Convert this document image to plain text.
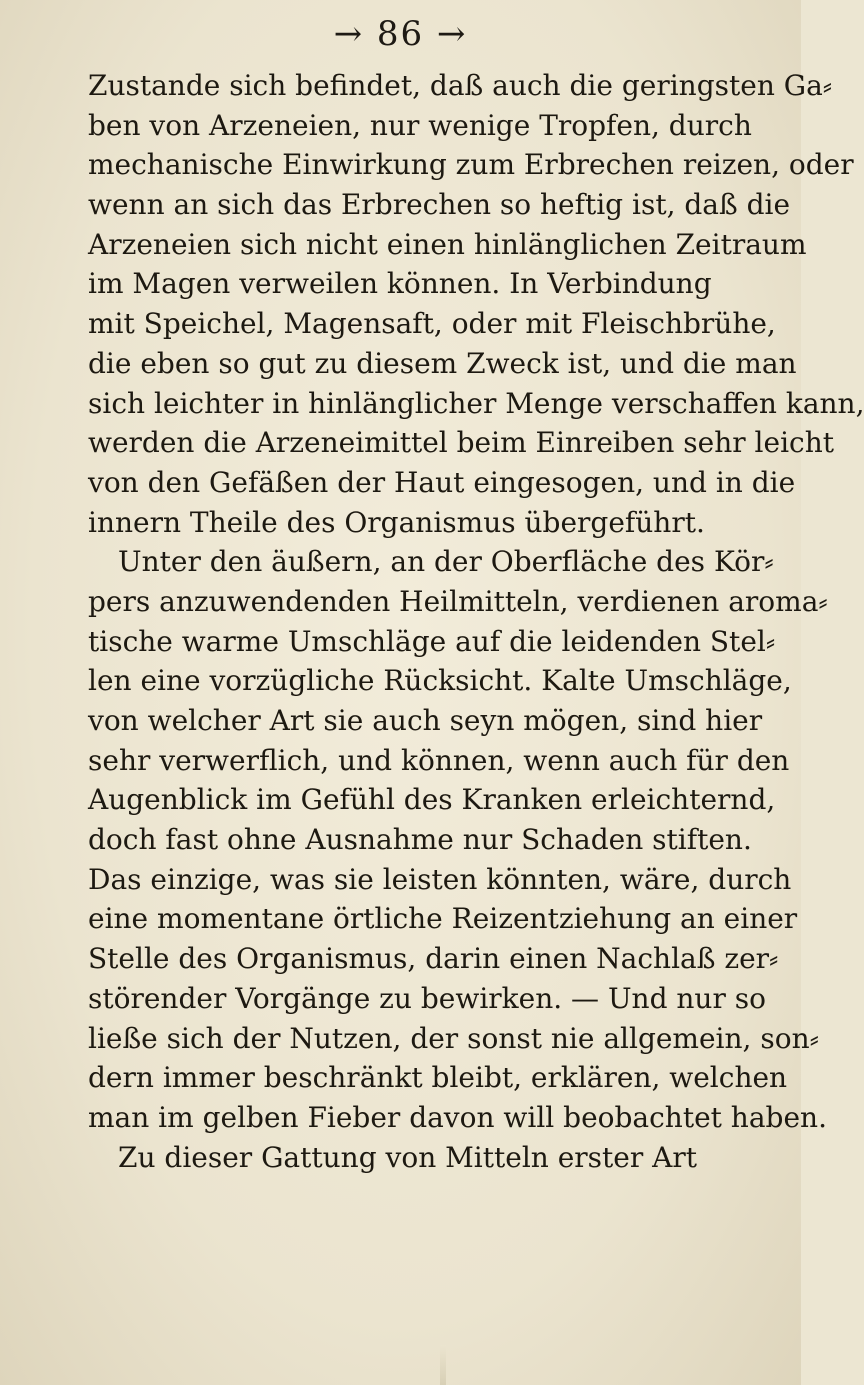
→ 86 →
Zustande sich befindet, daß auch die geringsten Ga⸗
ben von Arzeneien, nur wenige Tropfen, durch
mechanische Einwirkung zum Erbrechen reizen, oder
wenn an sich das Erbrechen so heftig ist, daß die
Arzeneien sich nicht einen hinlänglichen Zeitraum
im Magen verweilen können. In Verbindung
mit Speichel, Magensaft, oder mit Fleischbrühe,
die eben so gut zu diesem Zweck ist, und die man
sich leichter in hinlänglicher Menge verschaffen kann,
werden die Arzeneimittel beim Einreiben sehr leicht
von den Gefäßen der Haut eingesogen, und in die
innern Theile des Organismus übergeführt.
Unter den äußern, an der Oberfläche des Kör⸗
pers anzuwendenden Heilmitteln, verdienen aroma⸗
tische warme Umschläge auf die leidenden Stel⸗
len eine vorzügliche Rücksicht. Kalte Umschläge,
von welcher Art sie auch seyn mögen, sind hier
sehr verwerflich, und können, wenn auch für den
Augenblick im Gefühl des Kranken erleichternd,
doch fast ohne Ausnahme nur Schaden stiften.
Das einzige, was sie leisten könnten, wäre, durch
eine momentane örtliche Reizentziehung an einer
Stelle des Organismus, darin einen Nachlaß zer⸗
störender Vorgänge zu bewirken. — Und nur so
ließe sich der Nutzen, der sonst nie allgemein, son⸗
dern immer beschränkt bleibt, erklären, welchen
man im gelben Fieber davon will beobachtet haben.
Zu dieser Gattung von Mitteln erster Art
